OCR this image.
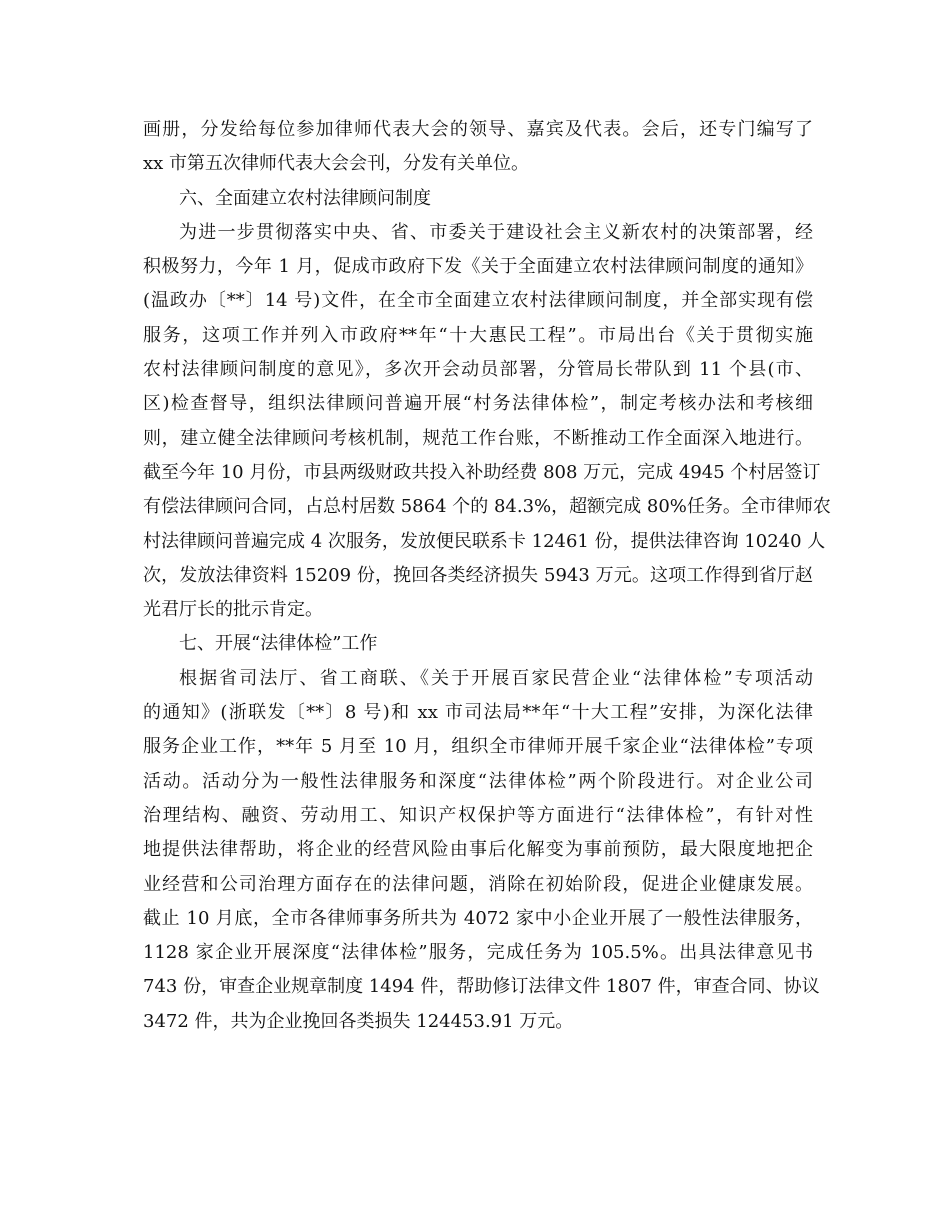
画册，分发给每位参加律师代表大会的领导、嘉宾及代表。会后，还专门编写了
xx 市第五次律师代表大会会刊，分发有关单位。
六、全面建立农村法律顾问制度
为进一步贯彻落实中央、省、市委关于建设社会主义新农村的决策部署，经
积极努力，今年 1 月，促成市政府下发《关于全面建立农村法律顾问制度的通知》
(温政办〔**〕14 号)文件，在全市全面建立农村法律顾问制度，并全部实现有偿
服务，这项工作并列入市政府**年“十大惠民工程”。市局出台《关于贯彻实施
农村法律顾问制度的意见》，多次开会动员部署，分管局长带队到 11 个县(市、
区)检查督导，组织法律顾问普遍开展“村务法律体检”，制定考核办法和考核细
则，建立健全法律顾问考核机制，规范工作台账，不断推动工作全面深入地进行。
截至今年 10 月份，市县两级财政共投入补助经费 808 万元，完成 4945 个村居签订
有偿法律顾问合同，占总村居数 5864 个的 84.3%，超额完成 80%任务。全市律师农
村法律顾问普遍完成 4 次服务，发放便民联系卡 12461 份，提供法律咨询 10240 人
次，发放法律资料 15209 份，挽回各类经济损失 5943 万元。这项工作得到省厅赵
光君厅长的批示肯定。
七、开展“法律体检”工作
根据省司法厅、省工商联、《关于开展百家民营企业“法律体检”专项活动
的通知》(浙联发〔**〕8 号)和 xx 市司法局**年“十大工程”安排，为深化法律
服务企业工作，**年 5 月至 10 月，组织全市律师开展千家企业“法律体检”专项
活动。活动分为一般性法律服务和深度“法律体检”两个阶段进行。对企业公司
治理结构、融资、劳动用工、知识产权保护等方面进行“法律体检”，有针对性
地提供法律帮助，将企业的经营风险由事后化解变为事前预防，最大限度地把企
业经营和公司治理方面存在的法律问题，消除在初始阶段，促进企业健康发展。
截止 10 月底，全市各律师事务所共为 4072 家中小企业开展了一般性法律服务，
1128 家企业开展深度“法律体检”服务，完成任务为 105.5%。出具法律意见书
743 份，审查企业规章制度 1494 件，帮助修订法律文件 1807 件，审查合同、协议
3472 件，共为企业挽回各类损失 124453.91 万元。
